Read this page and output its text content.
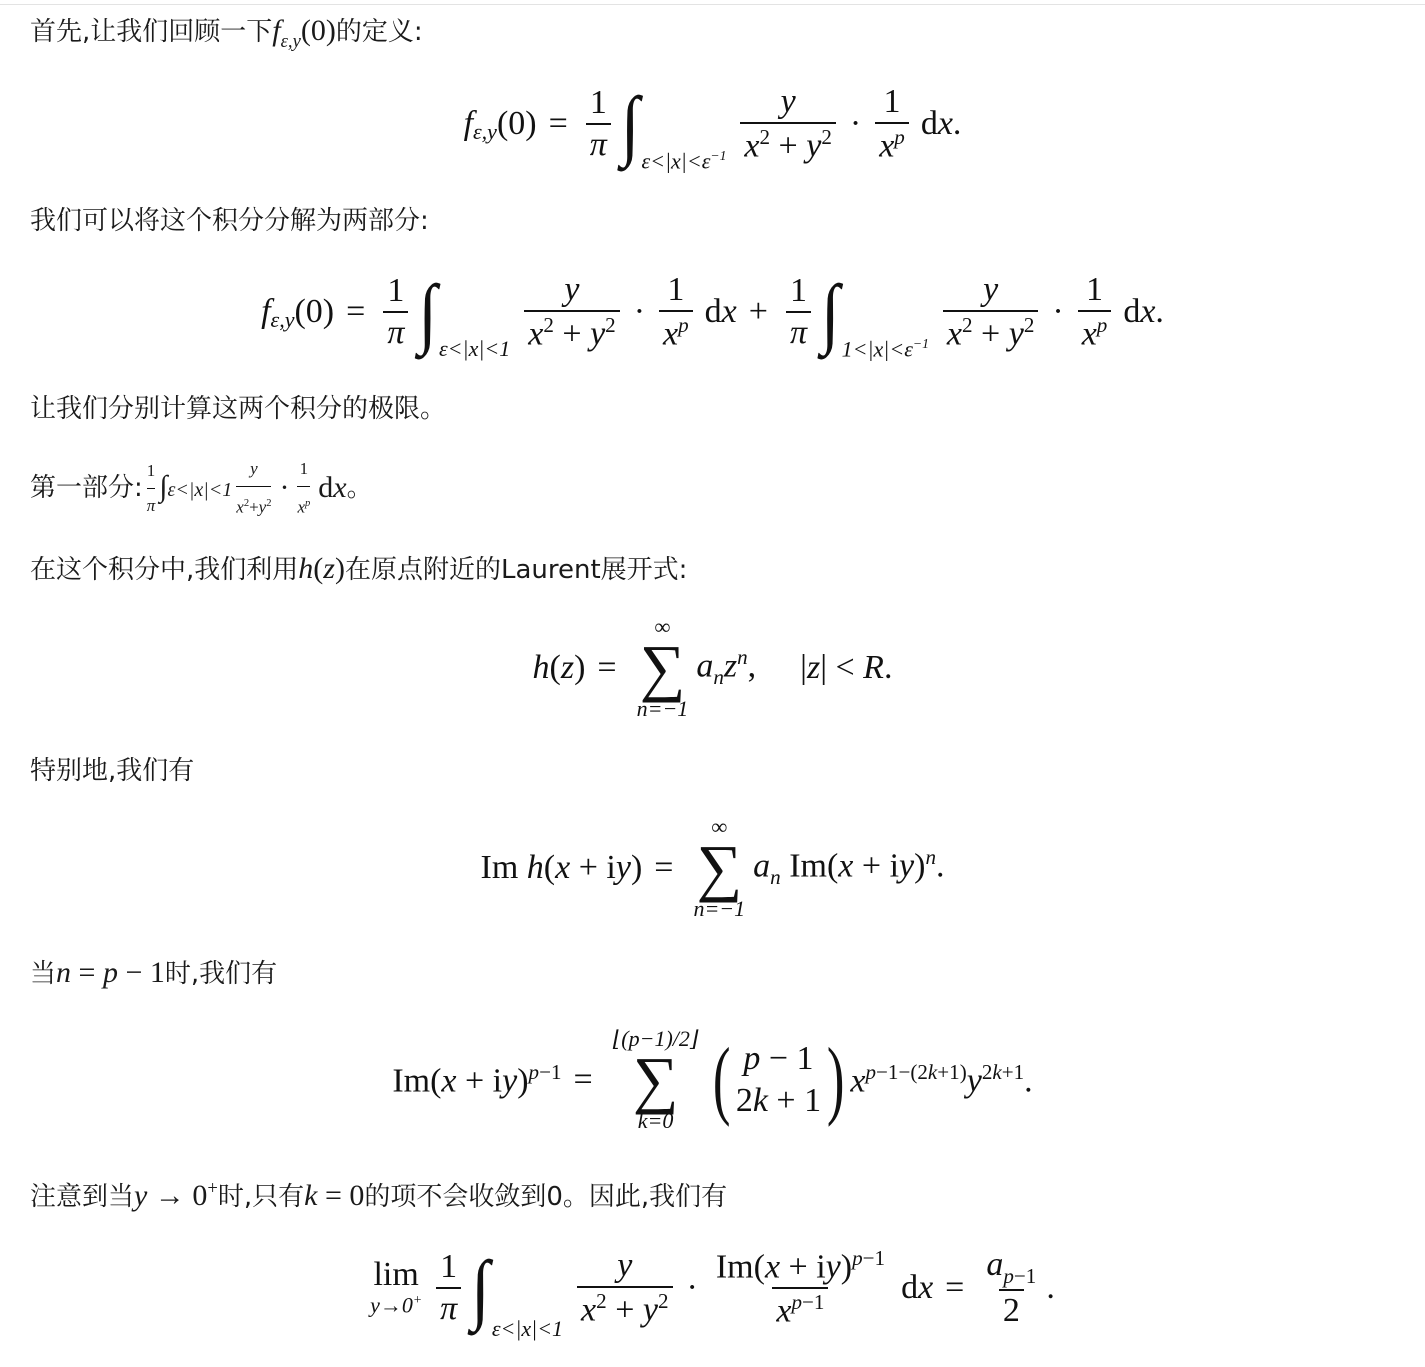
首先,让我们回顾一下$f_{\varepsilon,y}(0)$的定义:
$f_{\varepsilon,y}$ $(0) = \frac{1}{\pi}$ ∫ $\varepsilon<|x|<\varepsilon^{-1} \frac{y}{x^2 + y^2} \cdot \frac{1}{x^p}$ dx.
我们可以将这个积分分解为两部分:
$f_{\varepsilon,y}$ $(0) = \frac{1}{\pi}$ ∫ $\varepsilon<|x|<1 \frac{y}{x^2 + y^2} \cdot \frac{1}{x^p}$ dx + $\frac{1}{\pi}$ ∫ $1<|x|<\varepsilon^{-1} \frac{y}{x^2 + y^2} \cdot \frac{1}{x^p}$ dx.
让我们分别计算这两个积分的极限。
第一部分: $\frac{1}{\pi} \int\varepsilon<|x|<1 \frac{y}{x^2+y^2} \cdot \frac{1}{x^p}$ dx 。
在这个积分中,我们利用h(z)在原点附近的Laurent展开式:
h(z) =
∞
∑
n=−1
$a_nz^n$, |z| < R.
特别地,我们有
Im h(x + iy) =
∞
∑
n=−1
$a_n$ Im(x + iy)$^n$.
当n = p − 1时,我们有
Im(x + iy)$^{p-1}$ =
⌊(p−1)/2⌋
∑
k=0 ( p − 1
2k + 1 ) $x^{p-1-(2k+1)}y^{2k+1}$.
注意到当y → 0+时,只有k = 0的项不会收敛到0。因此,我们有
lim
$y\to 0^+ \frac{1}{\pi}$ ∫ ε<|x|<1
$\frac{y}{x^2 + y^2} \cdot \frac{Im(x + iy)^{p-1}}{x^{p-1}}$ dx = $\frac{a_{p-1}}{2}$ .
